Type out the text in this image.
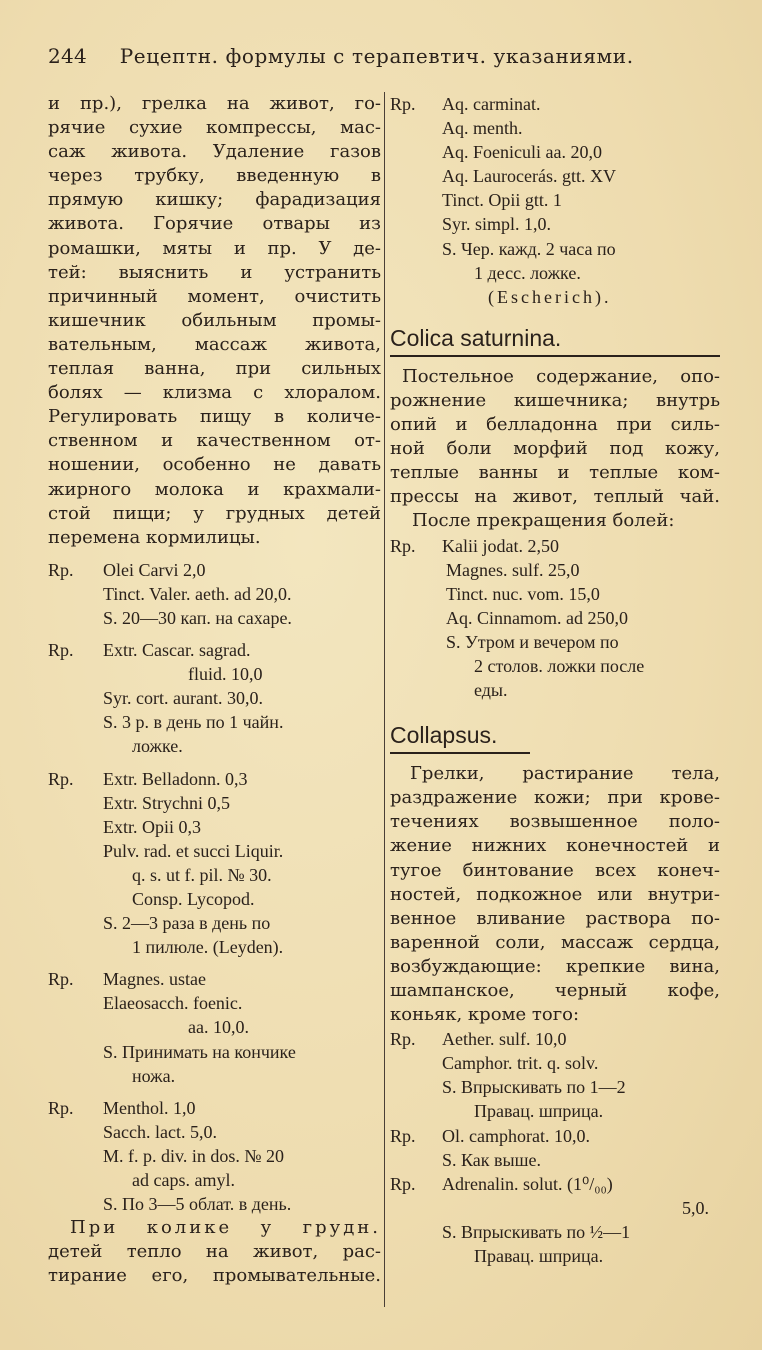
244 Рецептн. формулы с терапевтич. указаниями.
и пр.), грелка на живот, го-
рячие сухие компрессы, мас-
саж живота. Удаление газов
через трубку, введенную в
прямую кишку; фарадизация
живота. Горячие отвары из
ромашки, мяты и пр. У де-
тей: выяснить и устранить
причинный момент, очистить
кишечник обильным промы-
вательным, массаж живота,
теплая ванна, при сильных
болях — клизма с хлоралом.
Регулировать пищу в количе-
ственном и качественном от-
ношении, особенно не давать
жирного молока и крахмали-
стой пищи; у грудных детей
перемена кормилицы.
Rp. Olei Carvi 2,0
Tinct. Valer. aeth. ad 20,0.
S. 20—30 кап. на сахаре.
Rp. Extr. Cascar. sagrad.
fluid. 10,0
Syr. cort. aurant. 30,0.
S. 3 р. в день по 1 чайн.
ложке.
Rp. Extr. Belladonn. 0,3
Extr. Strychni 0,5
Extr. Opii 0,3
Pulv. rad. et succi Liquir.
q. s. ut f. pil. № 30.
Consp. Lycopod.
S. 2—3 раза в день по
1 пилюле. (Leyden).
Rp. Magnes. ustae
Elaeosacch. foenic.
aa. 10,0.
S. Принимать на кончике
ножа.
Rp. Menthol. 1,0
Sacch. lact. 5,0.
M. f. p. div. in dos. № 20
ad caps. amyl.
S. По 3—5 облат. в день.
При колике у грудн.
детей тепло на живот, рас-
тирание его, промывательные.
Rp. Aq. carminat.
Aq. menth.
Aq. Foeniculi aa. 20,0
Aq. Laurocerás. gtt. XV
Tinct. Opii gtt. 1
Syr. simpl. 1,0.
S. Чер. кажд. 2 часа по
1 десс. ложке.
(Escherich).
Colica saturnina.
Постельное содержание, опо-
рожнение кишечника; внутрь
опий и белладонна при силь-
ной боли морфий под кожу,
теплые ванны и теплые ком-
прессы на живот, теплый чай.
После прекращения болей:
Rp. Kalii jodat. 2,50
Magnes. sulf. 25,0
Tinct. nuc. vom. 15,0
Aq. Cinnamom. ad 250,0
S. Утром и вечером по
2 столов. ложки после
еды.
Collapsus.
Грелки, растирание тела,
раздражение кожи; при крове-
течениях возвышенное поло-
жение нижних конечностей и
тугое бинтование всех конеч-
ностей, подкожное или внутри-
венное вливание раствора по-
варенной соли, массаж сердца,
возбуждающие: крепкие вина,
шампанское, черный кофе,
коньяк, кроме того:
Rp. Aether. sulf. 10,0
Camphor. trit. q. solv.
S. Впрыскивать по 1—2
Правац. шприца.
Rp. Ol. camphorat. 10,0.
S. Как выше.
Rp. Adrenalin. solut. (1⁰/₀₀)
5,0.
S. Впрыскивать по ½—1
Правац. шприца.
